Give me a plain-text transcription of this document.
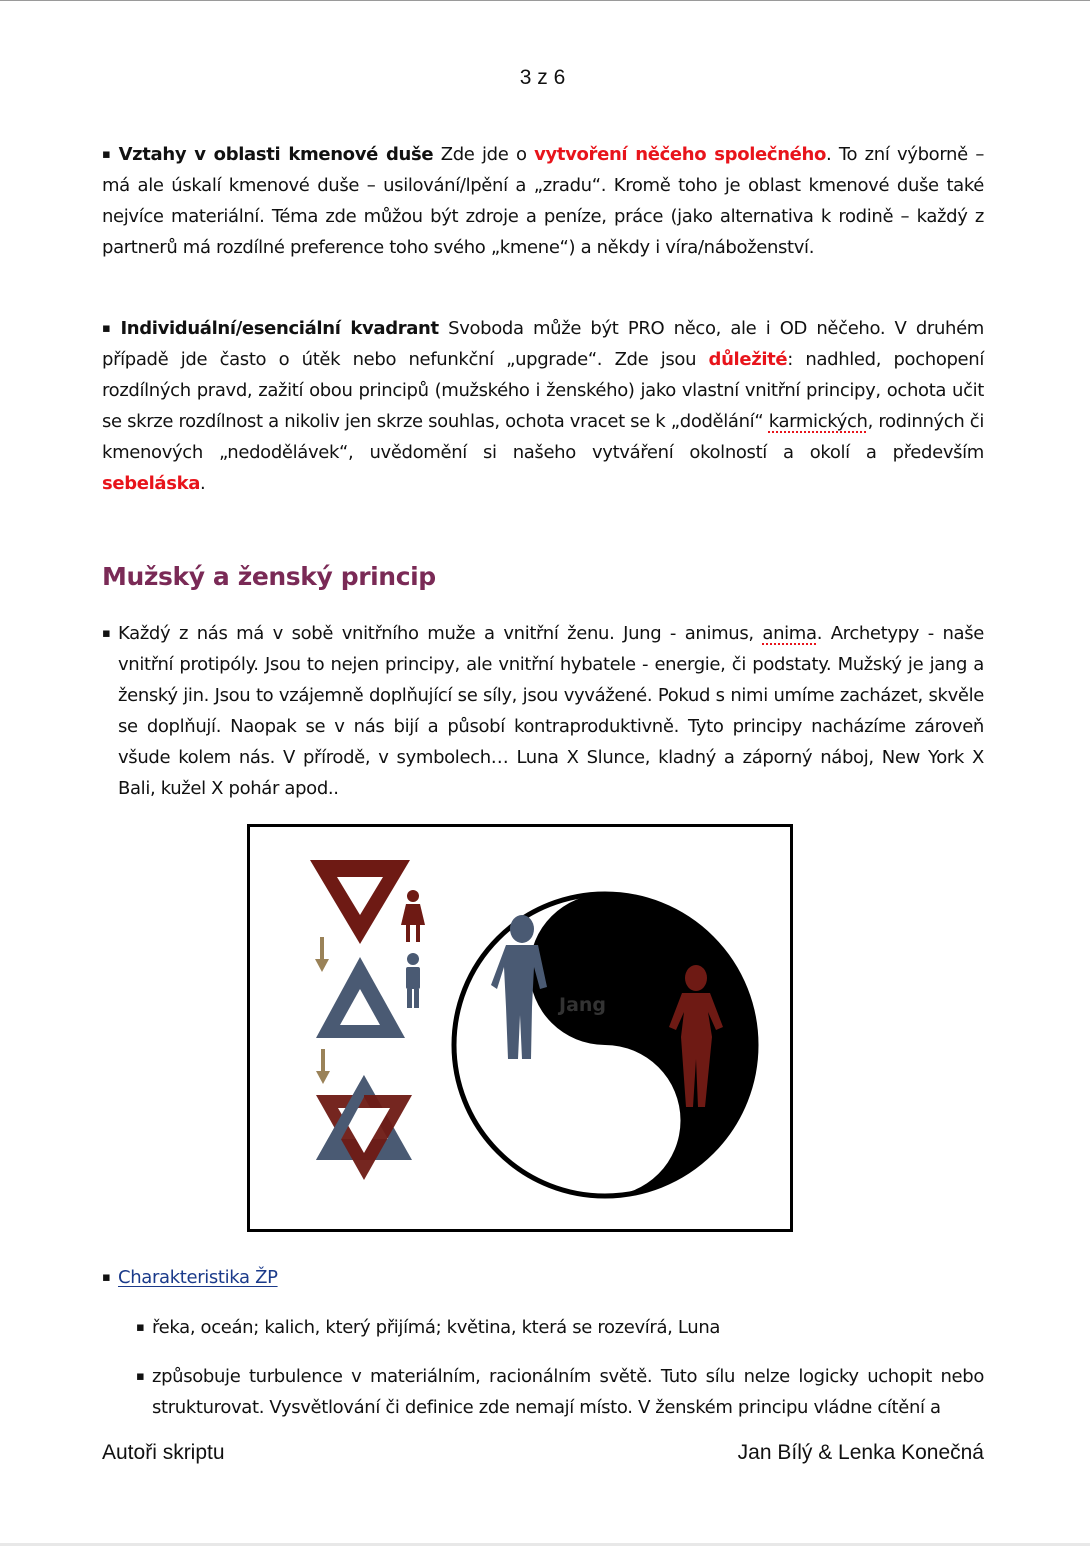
3 z 6

▪ Vztahy v oblasti kmenové duše Zde jde o vytvoření něčeho společného. To zní výborně – má ale úskalí kmenové duše – usilování/lpění a „zradu“. Kromě toho je oblast kmenové duše také nejvíce materiální. Téma zde můžou být zdroje a peníze, práce (jako alternativa k rodině – každý z partnerů má rozdílné preference toho svého „kmene“) a někdy i víra/náboženství.

▪ Individuální/esenciální kvadrant Svoboda může být PRO něco, ale i OD něčeho. V druhém případě jde často o útěk nebo nefunkční „upgrade“. Zde jsou důležité: nadhled, pochopení rozdílných pravd, zažití obou principů (mužského i ženského) jako vlastní vnitřní principy, ochota učit se skrze rozdílnost a nikoliv jen skrze souhlas, ochota vracet se k „dodělání“ karmických, rodinných či kmenových „nedodělávek“, uvědomění si našeho vytváření okolností a okolí a především sebeláska.

Mužský a ženský princip
▪ Každý z nás má v sobě vnitřního muže a vnitřní ženu. Jung - animus, anima. Archetypy - naše vnitřní protipóly. Jsou to nejen principy, ale vnitřní hybatele - energie, či podstaty. Mužský je jang a ženský jin. Jsou to vzájemně doplňující se síly, jsou vyvážené. Pokud s nimi umíme zacházet, skvěle se doplňují. Naopak se v nás bijí a působí kontraproduktivně. Tyto principy nacházíme zároveň všude kolem nás. V přírodě, v symbolech… Luna X Slunce, kladný a záporný náboj, New York X Bali, kužel X pohár apod..
Jang
Jin
▪ Charakteristika ŽP
▪ řeka, oceán; kalich, který přijímá; květina, která se rozevírá, Luna
▪ způsobuje turbulence v materiálním, racionálním světě. Tuto sílu nelze logicky uchopit nebo strukturovat. Vysvětlování či definice zde nemají místo. V ženském principu vládne cítění a
Autoři skriptu	Jan Bílý & Lenka Konečná
